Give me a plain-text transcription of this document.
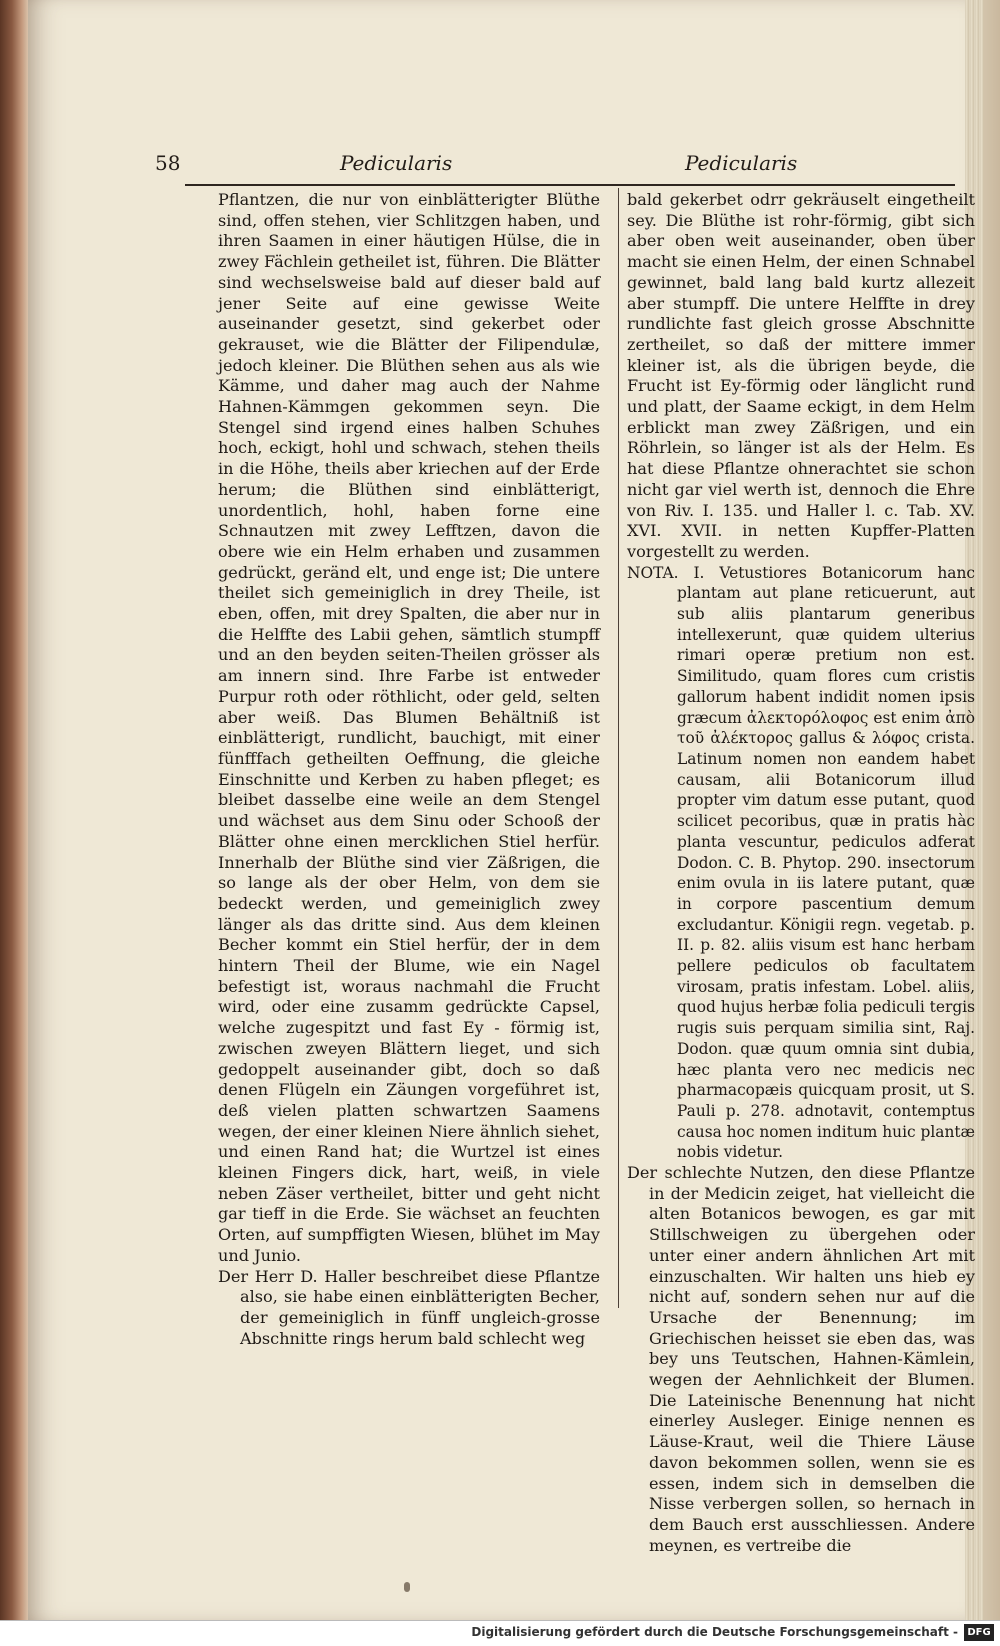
58	Pedicularis	Pedicularis

Pflantzen, die nur von einblätterigter Blüthe sind, offen stehen, vier Schlitzgen haben, und ihren Saamen in einer häutigen Hülse, die in zwey Fächlein getheilet ist, führen. Die Blätter sind wechselsweise bald auf dieser bald auf jener Seite auf eine gewisse Weite auseinander gesetzt, sind gekerbet oder gekrauset, wie die Blätter der Filipendulæ, jedoch kleiner. Die Blüthen sehen aus als wie Kämme, und daher mag auch der Nahme Hahnen-Kämmgen gekommen seyn. Die Stengel sind irgend eines halben Schuhes hoch, eckigt, hohl und schwach, stehen theils in die Höhe, theils aber kriechen auf der Erde herum; die Blüthen sind einblätterigt, unordentlich, hohl, haben forne eine Schnautzen mit zwey Lefftzen, davon die obere wie ein Helm erhaben und zusammen gedrückt, geränd elt, und enge ist; Die untere theilet sich gemeiniglich in drey Theile, ist eben, offen, mit drey Spalten, die aber nur in die Helffte des Labii gehen, sämtlich stumpff und an den beyden seiten-Theilen grösser als am innern sind. Ihre Farbe ist entweder Purpur roth oder röthlicht, oder geld, selten aber weiß. Das Blumen Behältniß ist einblätterigt, rundlicht, bauchigt, mit einer fünfffach getheilten Oeffnung, die gleiche Einschnitte und Kerben zu haben pfleget; es bleibet dasselbe eine weile an dem Stengel und wächset aus dem Sinu oder Schooß der Blätter ohne einen mercklichen Stiel herfür. Innerhalb der Blüthe sind vier Zäßrigen, die so lange als der ober Helm, von dem sie bedeckt werden, und gemeiniglich zwey länger als das dritte sind. Aus dem kleinen Becher kommt ein Stiel herfür, der in dem hintern Theil der Blume, wie ein Nagel befestigt ist, woraus nachmahl die Frucht wird, oder eine zusamm gedrückte Capsel, welche zugespitzt und fast Ey - förmig ist, zwischen zweyen Blättern lieget, und sich gedoppelt auseinander gibt, doch so daß denen Flügeln ein Zäungen vorgeführet ist, deß vielen platten schwartzen Saamens wegen, der einer kleinen Niere ähnlich siehet, und einen Rand hat; die Wurtzel ist eines kleinen Fingers dick, hart, weiß, in viele neben Zäser vertheilet, bitter und geht nicht gar tieff in die Erde. Sie wächset an feuchten Orten, auf sumpffigten Wiesen, blühet im May und Junio.

Der Herr D. Haller beschreibet diese Pflantze also, sie habe einen einblätterigten Becher, der gemeiniglich in fünff ungleich-grosse Abschnitte rings herum bald schlecht weg

bald gekerbet odrr gekräuselt eingetheilt sey. Die Blüthe ist rohr-förmig, gibt sich aber oben weit auseinander, oben über macht sie einen Helm, der einen Schnabel gewinnet, bald lang bald kurtz allezeit aber stumpff. Die untere Helffte in drey rundlichte fast gleich grosse Abschnitte zertheilet, so daß der mittere immer kleiner ist, als die übrigen beyde, die Frucht ist Ey-förmig oder länglicht rund und platt, der Saame eckigt, in dem Helm erblickt man zwey Zäßrigen, und ein Röhrlein, so länger ist als der Helm. Es hat diese Pflantze ohnerachtet sie schon nicht gar viel werth ist, dennoch die Ehre von Riv. I. 135. und Haller l. c. Tab. XV. XVI. XVII. in netten Kupffer-Platten vorgestellt zu werden.

NOTA. I. Vetustiores Botanicorum hanc plantam aut plane reticuerunt, aut sub aliis plantarum generibus intellexerunt, quæ quidem ulterius rimari operæ pretium non est. Similitudo, quam flores cum cristis gallorum habent indidit nomen ipsis græcum ἀλεκτορόλοφος est enim ἀπὸ τοῦ ἀλέκτορος gallus & λόφος crista. Latinum nomen non eandem habet causam, alii Botanicorum illud propter vim datum esse putant, quod scilicet pecoribus, quæ in pratis hàc planta vescuntur, pediculos adferat Dodon. C. B. Phytop. 290. insectorum enim ovula in iis latere putant, quæ in corpore pascentium demum excludantur. Königii regn. vegetab. p. II. p. 82. aliis visum est hanc herbam pellere pediculos ob facultatem virosam, pratis infestam. Lobel. aliis, quod hujus herbæ folia pediculi tergis rugis suis perquam similia sint, Raj. Dodon. quæ quum omnia sint dubia, hæc planta vero nec medicis nec pharmacopæis quicquam prosit, ut S. Pauli p. 278. adnotavit, contemptus causa hoc nomen inditum huic plantæ nobis videtur.

Der schlechte Nutzen, den diese Pflantze in der Medicin zeiget, hat vielleicht die alten Botanicos bewogen, es gar mit Stillschweigen zu übergehen oder unter einer andern ähnlichen Art mit einzuschalten. Wir halten uns hieb ey nicht auf, sondern sehen nur auf die Ursache der Benennung; im Griechischen heisset sie eben das, was bey uns Teutschen, Hahnen-Kämlein, wegen der Aehnlichkeit der Blumen. Die Lateinische Benennung hat nicht einerley Ausleger. Einige nennen es Läuse-Kraut, weil die Thiere Läuse davon bekommen sollen, wenn sie es essen, indem sich in demselben die Nisse verbergen sollen, so hernach in dem Bauch erst ausschliessen. Andere meynen, es vertreibe die

Digitalisierung gefördert durch die Deutsche Forschungsgemeinschaft - DFG
